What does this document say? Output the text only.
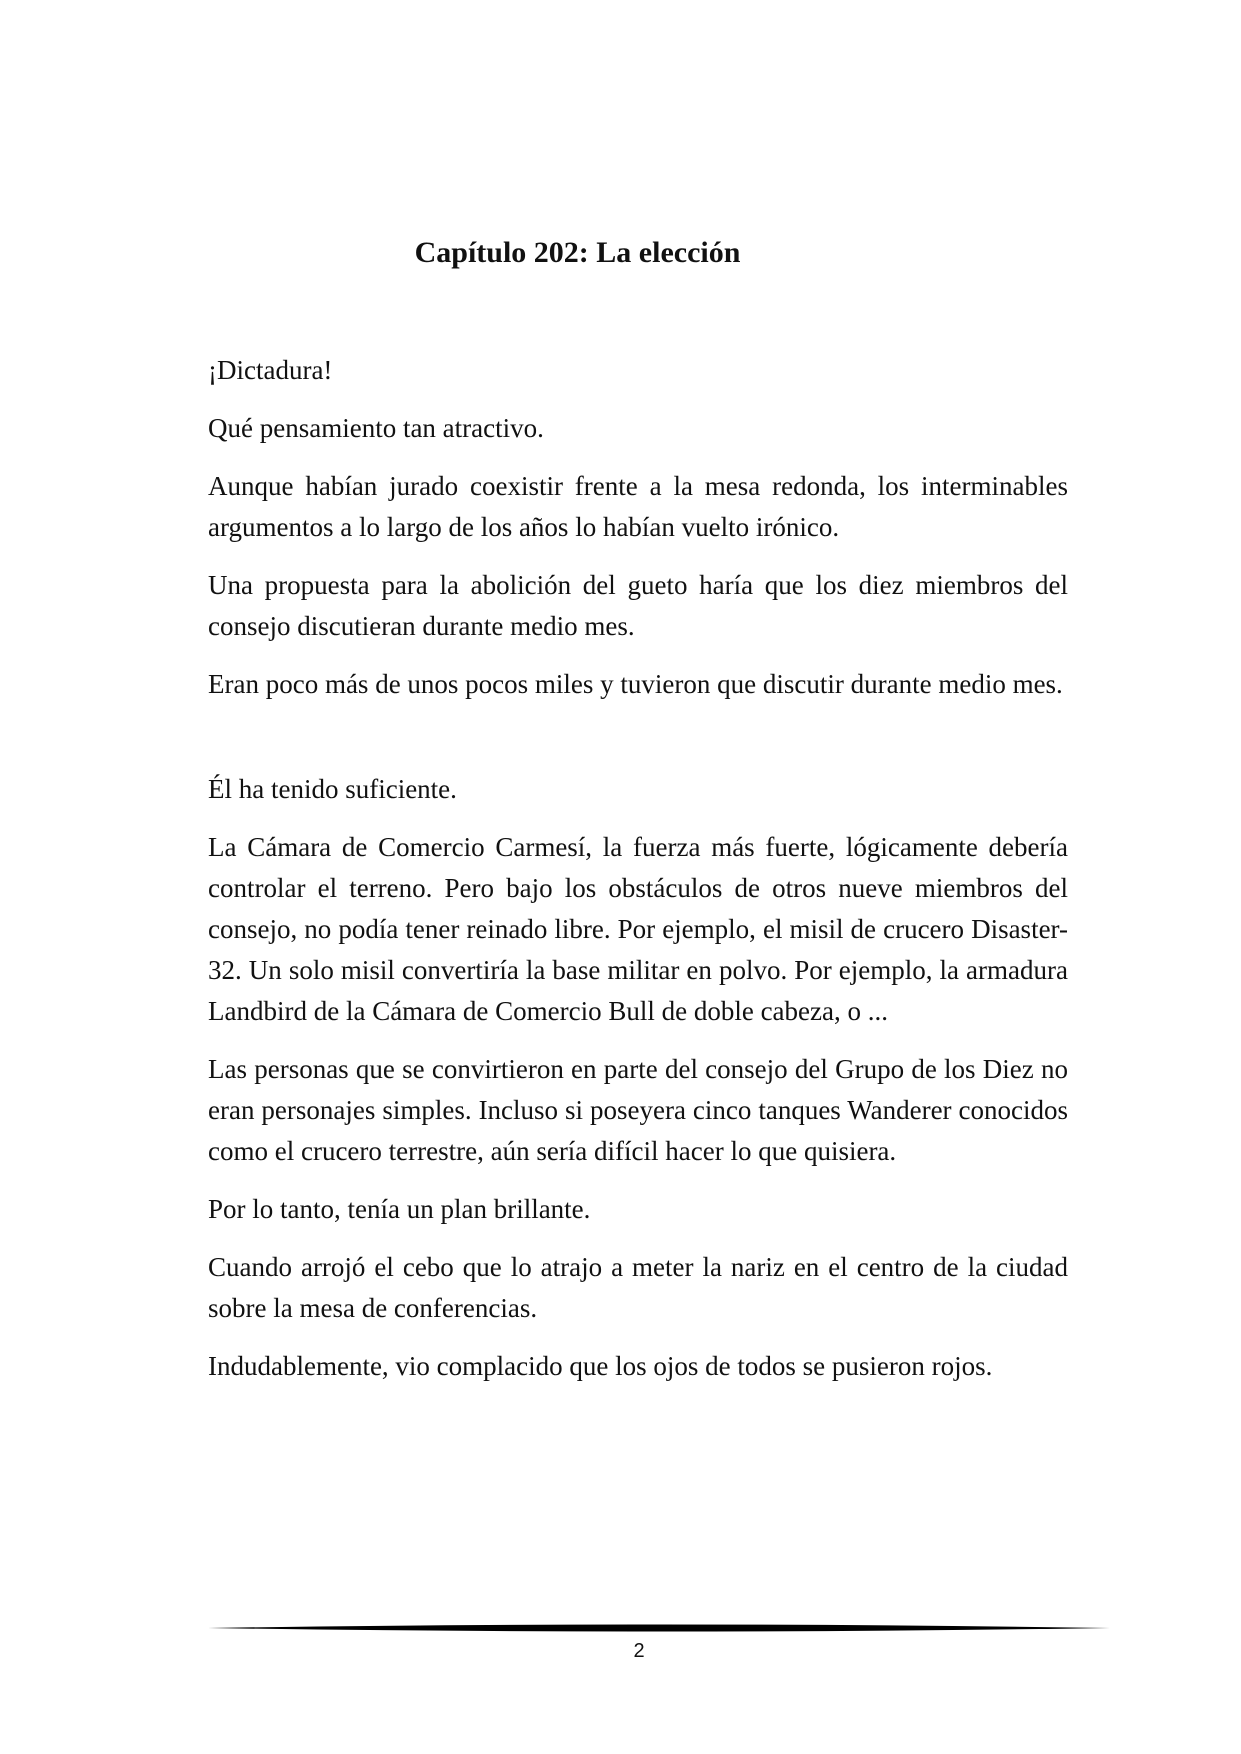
Capítulo 202: La elección

¡Dictadura!

Qué pensamiento tan atractivo.

Aunque habían jurado coexistir frente a la mesa redonda, los interminables argumentos a lo largo de los años lo habían vuelto irónico.

Una propuesta para la abolición del gueto haría que los diez miembros del consejo discutieran durante medio mes.

Eran poco más de unos pocos miles y tuvieron que discutir durante medio mes.

Él ha tenido suficiente.

La Cámara de Comercio Carmesí, la fuerza más fuerte, lógicamente debería controlar el terreno. Pero bajo los obstáculos de otros nueve miembros del consejo, no podía tener reinado libre. Por ejemplo, el misil de crucero Disaster-32. Un solo misil convertiría la base militar en polvo. Por ejemplo, la armadura Landbird de la Cámara de Comercio Bull de doble cabeza, o ...

Las personas que se convirtieron en parte del consejo del Grupo de los Diez no eran personajes simples. Incluso si poseyera cinco tanques Wanderer conocidos como el crucero terrestre, aún sería difícil hacer lo que quisiera.

Por lo tanto, tenía un plan brillante.

Cuando arrojó el cebo que lo atrajo a meter la nariz en el centro de la ciudad sobre la mesa de conferencias.

Indudablemente, vio complacido que los ojos de todos se pusieron rojos.

2
